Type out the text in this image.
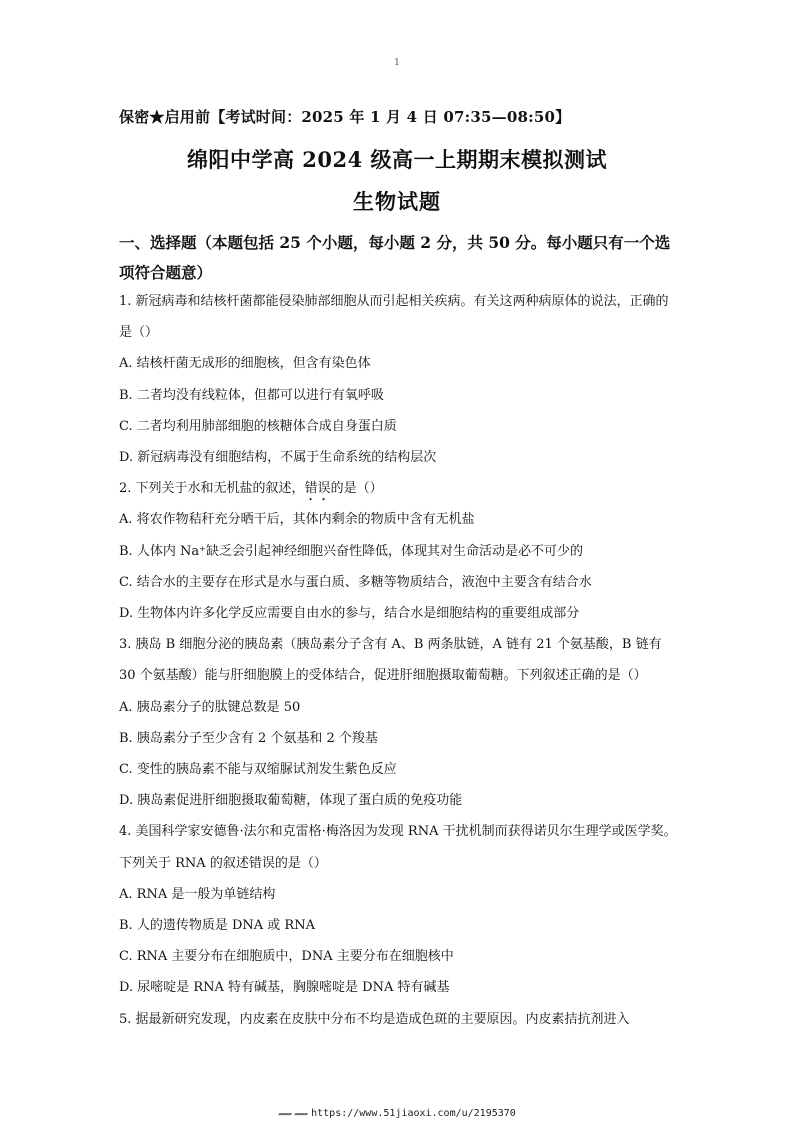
1
保密★启用前【考试时间：2025 年 1 月 4 日 07:35—08:50】
绵阳中学高 2024 级高一上期期末模拟测试
生物试题
一、选择题（本题包括 25 个小题，每小题 2 分，共 50 分。每小题只有一个选项符合题意）

1. 新冠病毒和结核杆菌都能侵染肺部细胞从而引起相关疾病。有关这两种病原体的说法，正确的是（）

A. 结核杆菌无成形的细胞核，但含有染色体

B. 二者均没有线粒体，但都可以进行有氧呼吸

C. 二者均利用肺部细胞的核糖体合成自身蛋白质

D. 新冠病毒没有细胞结构，不属于生命系统的结构层次

2. 下列关于水和无机盐的叙述，错误的是（）

A. 将农作物秸秆充分晒干后，其体内剩余的物质中含有无机盐

B. 人体内 Na⁺缺乏会引起神经细胞兴奋性降低，体现其对生命活动是必不可少的

C. 结合水的主要存在形式是水与蛋白质、多糖等物质结合，液泡中主要含有结合水

D. 生物体内许多化学反应需要自由水的参与，结合水是细胞结构的重要组成部分

3. 胰岛 B 细胞分泌的胰岛素（胰岛素分子含有 A、B 两条肽链，A 链有 21 个氨基酸，B 链有 30 个氨基酸）能与肝细胞膜上的受体结合，促进肝细胞摄取葡萄糖。下列叙述正确的是（）

A. 胰岛素分子的肽键总数是 50

B. 胰岛素分子至少含有 2 个氨基和 2 个羧基

C. 变性的胰岛素不能与双缩脲试剂发生紫色反应

D. 胰岛素促进肝细胞摄取葡萄糖，体现了蛋白质的免疫功能

4. 美国科学家安德鲁·法尔和克雷格·梅洛因为发现 RNA 干扰机制而获得诺贝尔生理学或医学奖。下列关于 RNA 的叙述错误的是（）

A. RNA 是一般为单链结构

B. 人的遗传物质是 DNA 或 RNA

C. RNA 主要分布在细胞质中，DNA 主要分布在细胞核中

D. 尿嘧啶是 RNA 特有碱基，胸腺嘧啶是 DNA 特有碱基

5. 据最新研究发现，内皮素在皮肤中分布不均是造成色斑的主要原因。内皮素拮抗剂进入

▰▰▰▰ ▰▰▰▰ https://www.51jiaoxi.com/u/2195370
